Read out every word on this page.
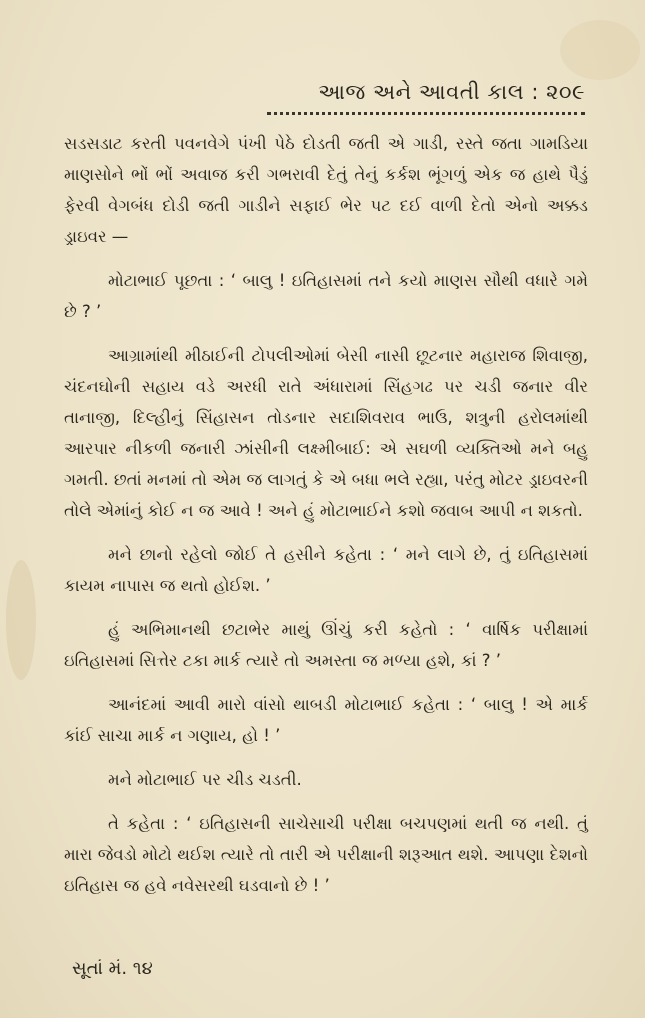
આજ અને આવતી કાલ : ૨૦૯

સડસડાટ કરતી પવનવેગે પંખી પેઠે દોડતી જતી એ ગાડી, રસ્તે જતા ગામડિયા માણસોને ભોં ભોં અવાજ કરી ગભરાવી દેતું તેનું કર્કશ ભૂંગળું એક જ હાથે પૈડું ફેરવી વેગબંધ દોડી જતી ગાડીને સફાઈ ભેર પટ દઈ વાળી દેતો એનો અક્કડ ડ્રાઇવર —

મોટાભાઈ પૂછતા : ‘ બાલુ ! ઇતિહાસમાં તને કયો માણસ સૌથી વધારે ગમે છે ? ’

આગ્રામાંથી મીઠાઈની ટોપલીઓમાં બેસી નાસી છૂટનાર મહારાજ શિવાજી, ચંદનઘોની સહાય વડે અરધી રાતે અંધારામાં સિંહગઢ પર ચડી જનાર વીર તાનાજી, દિલ્હીનું સિંહાસન તોડનાર સદાશિવરાવ ભાઉ, શત્રુની હરોલમાંથી આરપાર નીકળી જનારી ઝાંસીની લક્ષ્મીબાઈ: એ સઘળી વ્યક્તિઓ મને બહુ ગમતી. છતાં મનમાં તો એમ જ લાગતું કે એ બધા ભલે રહ્યા, પરંતુ મોટર ડ્રાઇવરની તોલે એમાંનું કોઈ ન જ આવે ! અને હું મોટાભાઈને કશો જવાબ આપી ન શકતો.

મને છાનો રહેલો જોઈ તે હસીને કહેતા : ‘ મને લાગે છે, તું ઇતિહાસમાં કાયમ નાપાસ જ થતો હોઈશ. ’

હું અભિમાનથી છટાભેર માથું ઊંચું કરી કહેતો : ‘ વાર્ષિક પરીક્ષામાં ઇતિહાસમાં સિત્તેર ટકા માર્ક ત્યારે તો અમસ્તા જ મળ્યા હશે, કાં ? ’

આનંદમાં આવી મારો વાંસો થાબડી મોટાભાઈ કહેતા : ‘ બાલુ ! એ માર્ક કાંઈ સાચા માર્ક ન ગણાય, હો ! ’

મને મોટાભાઈ પર ચીડ ચડતી.

તે કહેતા : ‘ ઇતિહાસની સાચેસાચી પરીક્ષા બચપણમાં થતી જ નથી. તું મારા જેવડો મોટો થઈશ ત્યારે તો તારી એ પરીક્ષાની શરૂઆત થશે. આપણા દેશનો ઇતિહાસ જ હવે નવેસરથી ઘડવાનો છે ! ’

સૂતાં મં. ૧૪
